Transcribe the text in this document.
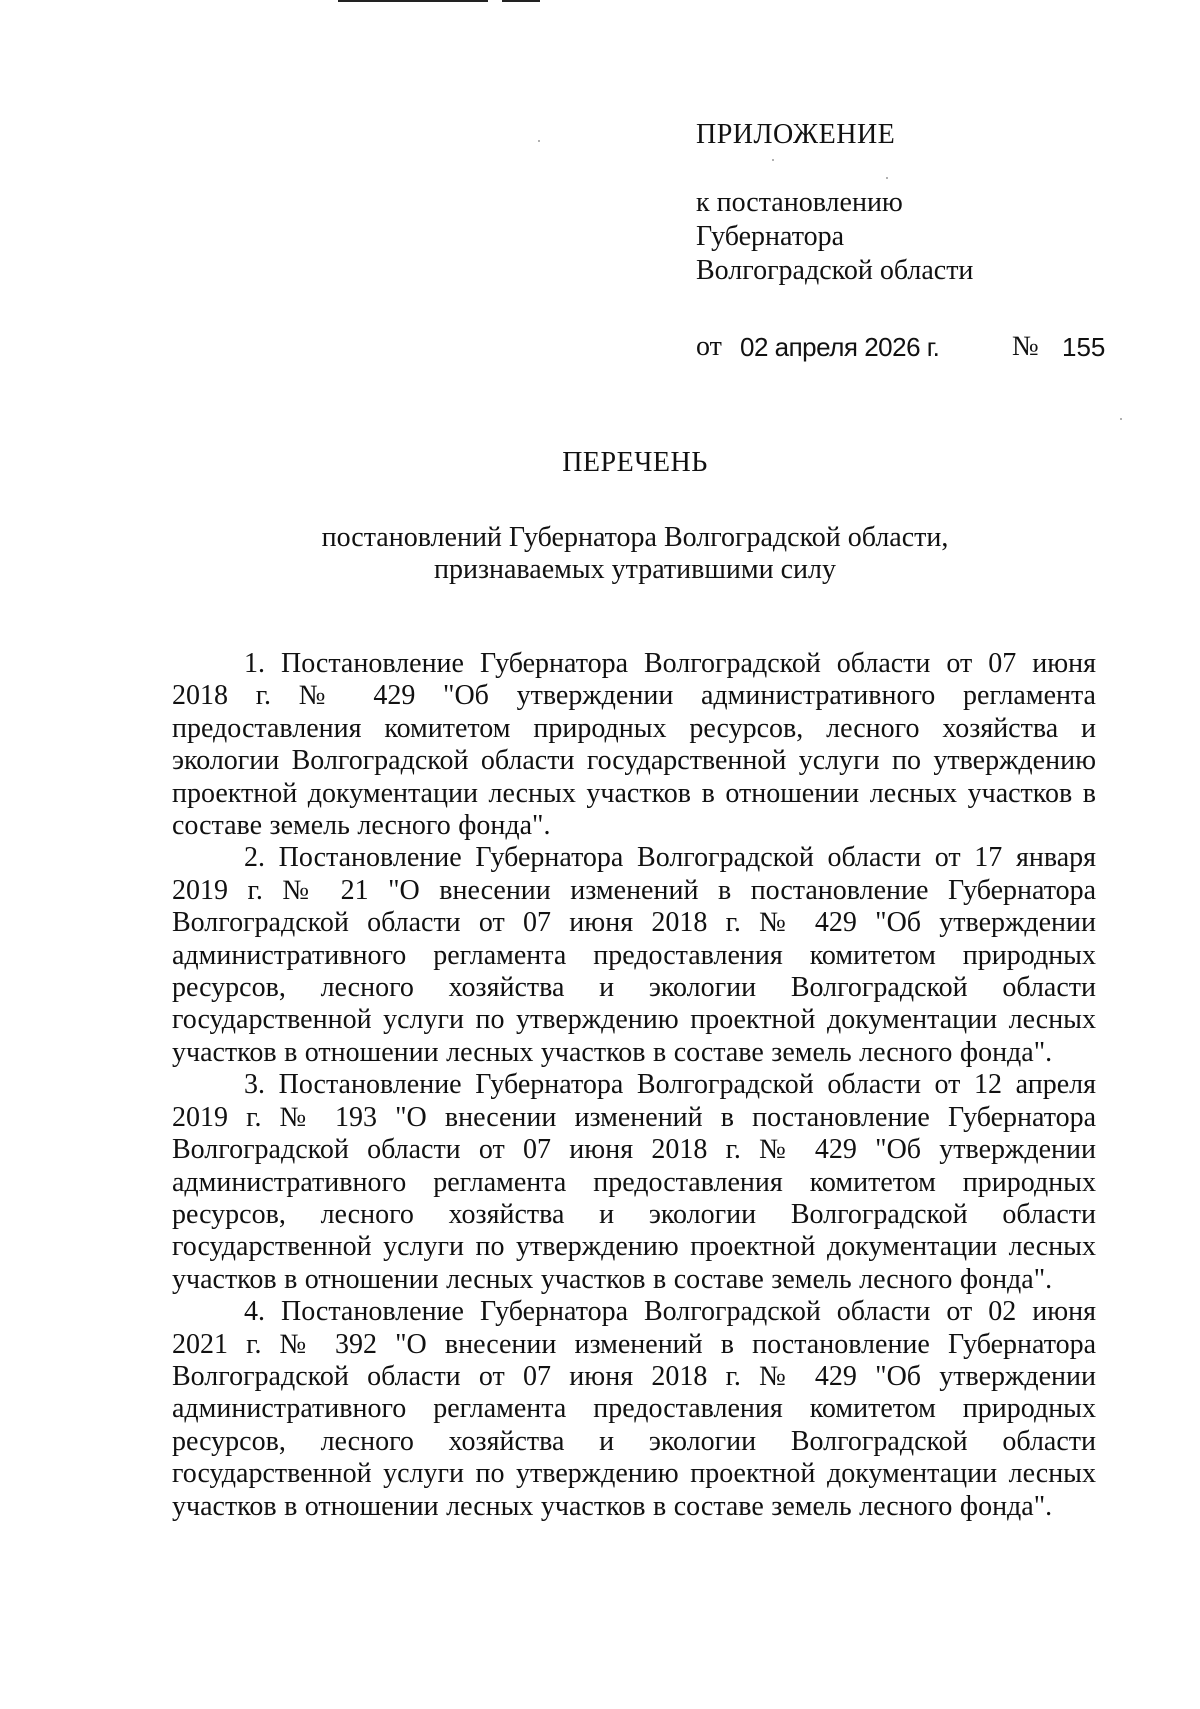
ПРИЛОЖЕНИЕ
к постановлению
Губернатора
Волгоградской области
от 02 апреля 2026 г.	№ 155
ПЕРЕЧЕНЬ
постановлений Губернатора Волгоградской области,
признаваемых утратившими силу
1. Постановление Губернатора Волгоградской области от 07 июня 2018 г. № 429 "Об утверждении административного регламента предоставления комитетом природных ресурсов, лесного хозяйства и экологии Волгоградской области государственной услуги по утверждению проектной документации лесных участков в отношении лесных участков в составе земель лесного фонда".
2. Постановление Губернатора Волгоградской области от 17 января 2019 г. № 21 "О внесении изменений в постановление Губернатора Волгоградской области от 07 июня 2018 г. № 429 "Об утверждении административного регламента предоставления комитетом природных ресурсов, лесного хозяйства и экологии Волгоградской области государственной услуги по утверждению проектной документации лесных участков в отношении лесных участков в составе земель лесного фонда".
3. Постановление Губернатора Волгоградской области от 12 апреля 2019 г. № 193 "О внесении изменений в постановление Губернатора Волгоградской области от 07 июня 2018 г. № 429 "Об утверждении административного регламента предоставления комитетом природных ресурсов, лесного хозяйства и экологии Волгоградской области государственной услуги по утверждению проектной документации лесных участков в отношении лесных участков в составе земель лесного фонда".
4. Постановление Губернатора Волгоградской области от 02 июня 2021 г. № 392 "О внесении изменений в постановление Губернатора Волгоградской области от 07 июня 2018 г. № 429 "Об утверждении административного регламента предоставления комитетом природных ресурсов, лесного хозяйства и экологии Волгоградской области государственной услуги по утверждению проектной документации лесных участков в отношении лесных участков в составе земель лесного фонда".
